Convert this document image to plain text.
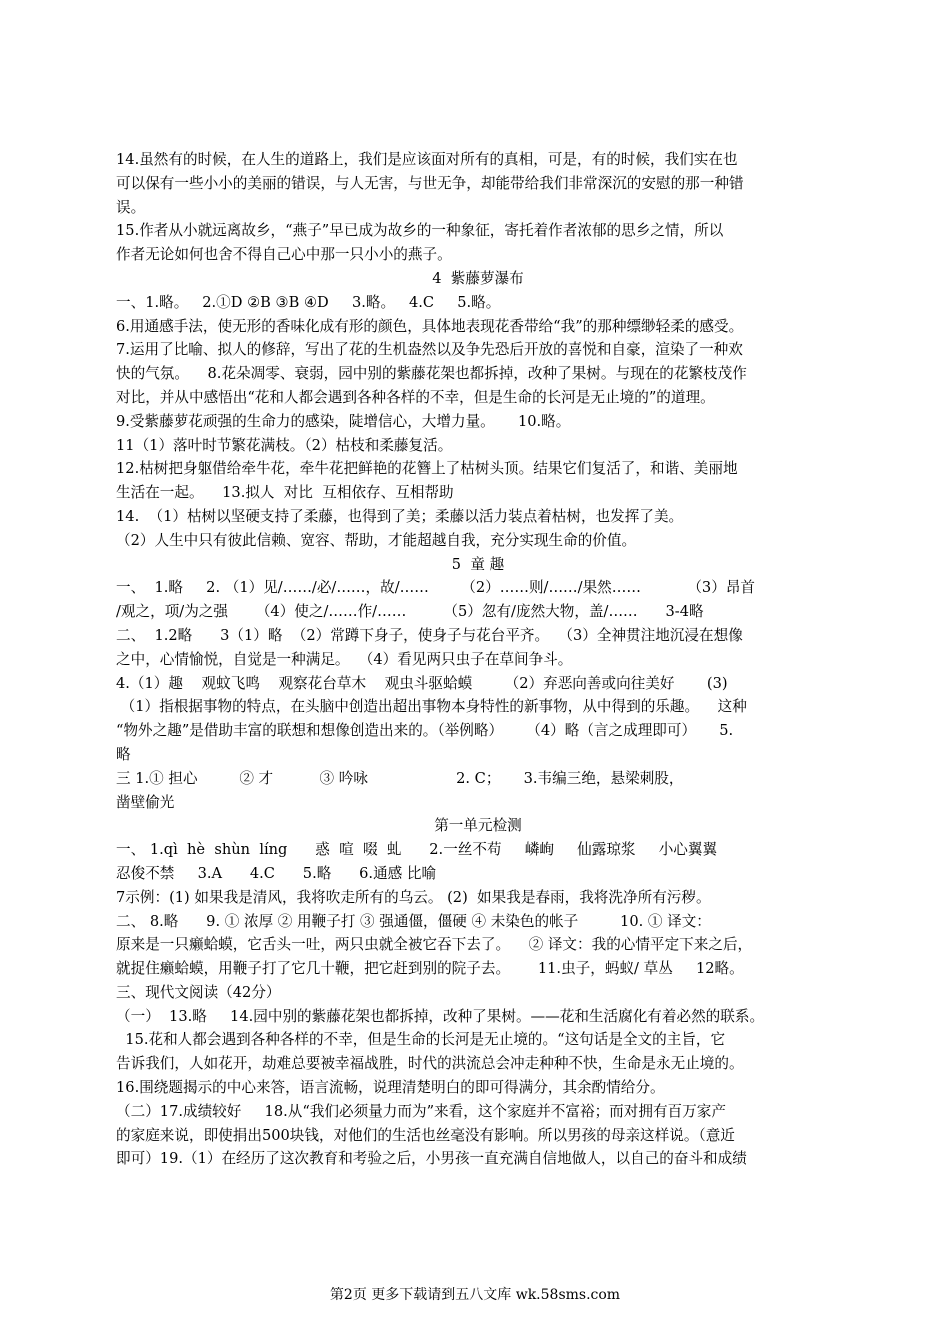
14.虽然有的时候，在人生的道路上，我们是应该面对所有的真相，可是，有的时候，我们实在也
可以保有一些小小的美丽的错误，与人无害，与世无争，却能带给我们非常深沉的安慰的那一种错
误。
15.作者从小就远离故乡，“燕子”早已成为故乡的一种象征，寄托着作者浓郁的思乡之情，所以
作者无论如何也舍不得自己心中那一只小小的燕子。
4  紫藤萝瀑布
一、1.略。   2.①D ②B ③B ④D     3.略。   4.C     5.略。
6.用通感手法，使无形的香味化成有形的颜色，具体地表现花香带给“我”的那种缥缈轻柔的感受。
7.运用了比喻、拟人的修辞，写出了花的生机盎然以及争先恐后开放的喜悦和自豪，渲染了一种欢
快的气氛。    8.花朵凋零、衰弱，园中别的紫藤花架也都拆掉，改种了果树。与现在的花繁枝茂作
对比，并从中感悟出“花和人都会遇到各种各样的不幸，但是生命的长河是无止境的”的道理。
9.受紫藤萝花顽强的生命力的感染，陡增信心，大增力量。     10.略。
11（1）落叶时节繁花满枝。（2）枯枝和柔藤复活。
12.枯树把身躯借给牵牛花，牵牛花把鲜艳的花簪上了枯树头顶。结果它们复活了，和谐、美丽地
生活在一起。    13.拟人  对比  互相依存、互相帮助
14.  （1）枯树以坚硬支持了柔藤，也得到了美；柔藤以活力装点着枯树，也发挥了美。
（2）人生中只有彼此信赖、宽容、帮助，才能超越自我，充分实现生命的价值。
5  童 趣
一、  1.略     2. （1）见/……/必/……，故/……       （2）……则/……/果然……          （3）昂首
/观之，项/为之强      （4）使之/……作/……        （5）忽有/庞然大物，盖/……      3-4略
二、  1.2略      3（1）略  （2）常蹲下身子，使身子与花台平齐。  （3）全神贯注地沉浸在想像
之中，心情愉悦，自觉是一种满足。  （4）看见两只虫子在草间争斗。
4.（1）趣    观蚊飞鸣    观察花台草木    观虫斗驱蛤蟆       （2）弃恶向善或向往美好       (3)
（1）指根据事物的特点，在头脑中创造出超出事物本身特性的新事物，从中得到的乐趣。    这种
“物外之趣”是借助丰富的联想和想像创造出来的。（举例略）     （4）略（言之成理即可）     5.
略
三 1.① 担心         ② 才          ③ 吟咏                   2. C；     3.韦编三绝，悬梁刺股，
凿壁偷光
第一单元检测
一、 1.qì  hè  shùn  líng      惑  喧  啜  虬      2.一丝不苟     嶙峋     仙露琼浆     小心翼翼
忍俊不禁     3.A      4.C      5.略      6.通感 比喻
7示例：(1) 如果我是清风，我将吹走所有的乌云。 (2)  如果我是春雨，我将洗净所有污秽。
二、 8.略      9. ① 浓厚 ② 用鞭子打 ③ 强通僵，僵硬 ④ 未染色的帐子         10. ① 译文：
原来是一只癞蛤蟆，它舌头一吐，两只虫就全被它吞下去了。    ② 译文：我的心情平定下来之后，
就捉住癞蛤蟆，用鞭子打了它几十鞭，把它赶到别的院子去。      11.虫子，蚂蚁/ 草丛     12略。
三、现代文阅读（42分）
（一）  13.略     14.园中别的紫藤花架也都拆掉，改种了果树。——花和生活腐化有着必然的联系。
15.花和人都会遇到各种各样的不幸，但是生命的长河是无止境的。“这句话是全文的主旨，它
告诉我们，人如花开，劫难总要被幸福战胜，时代的洪流总会冲走种种不快，生命是永无止境的。
16.围绕题揭示的中心来答，语言流畅，说理清楚明白的即可得满分，其余酌情给分。
（二）17.成绩较好     18.从“我们必须量力而为”来看，这个家庭并不富裕；而对拥有百万家产
的家庭来说，即使捐出500块钱，对他们的生活也丝毫没有影响。所以男孩的母亲这样说。（意近
即可）19.（1）在经历了这次教育和考验之后，小男孩一直充满自信地做人，以自己的奋斗和成绩
第2页 更多下载请到五八文库 wk.58sms.com
